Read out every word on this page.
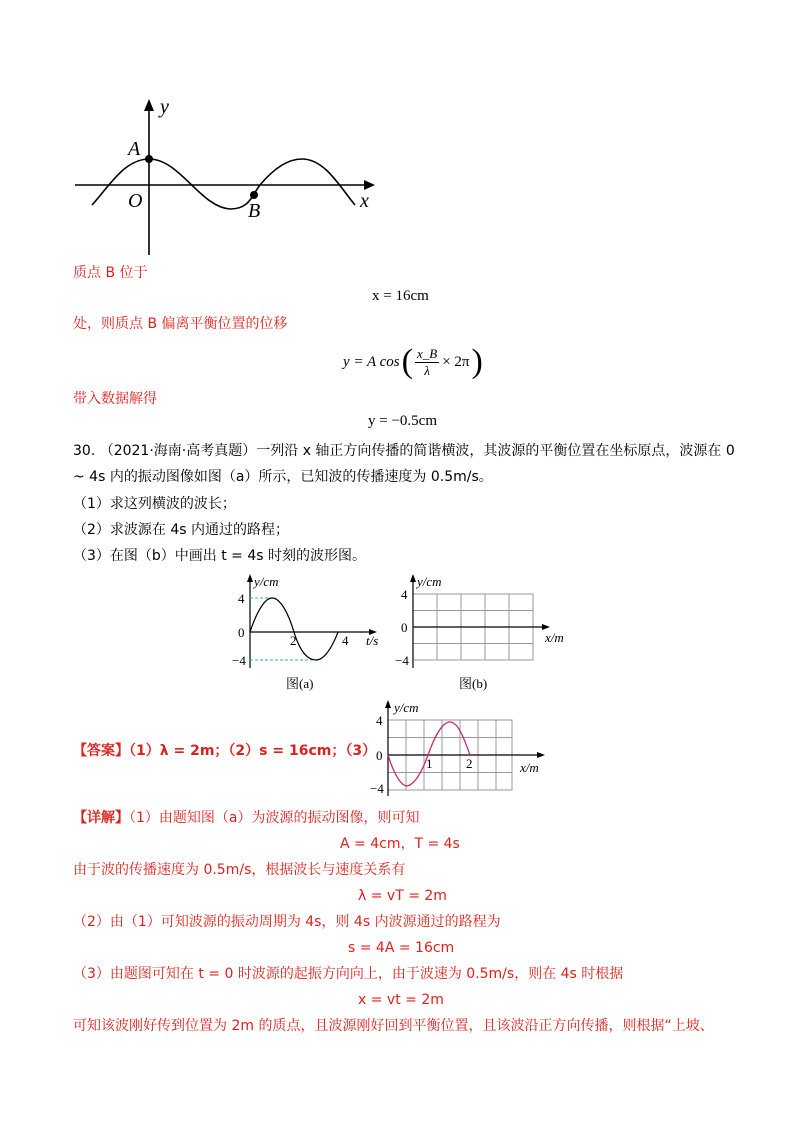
y
x
A
O	B
质点 B 位于
x = 16cm
处，则质点 B 偏离平衡位置的位移
y = A cos ( $\frac{x\_B}{\lambda} \times 2\pi$ )
带入数据解得
y = −0.5cm
30. （2021·海南·高考真题）一列沿 x 轴正方向传播的简谐横波，其波源的平衡位置在坐标原点，波源在 0
~ 4s 内的振动图像如图（a）所示，已知波的传播速度为 0.5m/s。
（1）求这列横波的波长；
（2）求波源在 4s 内通过的路程；
（3）在图（b）中画出 t = 4s 时刻的波形图。
y/cm
4
0
−4
2	4 t/s
图(a)
y/cm
4
0
−4
x/m
图(b)
【答案】（1）λ = 2m；（2）s = 16cm；（3）
y/cm
4
0
−4
1	2	x/m
【详解】（1）由题知图（a）为波源的振动图像，则可知
A = 4cm，T = 4s
由于波的传播速度为 0.5m/s，根据波长与速度关系有
λ = vT = 2m
（2）由（1）可知波源的振动周期为 4s，则 4s 内波源通过的路程为
s = 4A = 16cm
（3）由题图可知在 t = 0 时波源的起振方向向上，由于波速为 0.5m/s，则在 4s 时根据
x = vt = 2m
可知该波刚好传到位置为 2m 的质点，且波源刚好回到平衡位置，且该波沿正方向传播，则根据“上坡、
